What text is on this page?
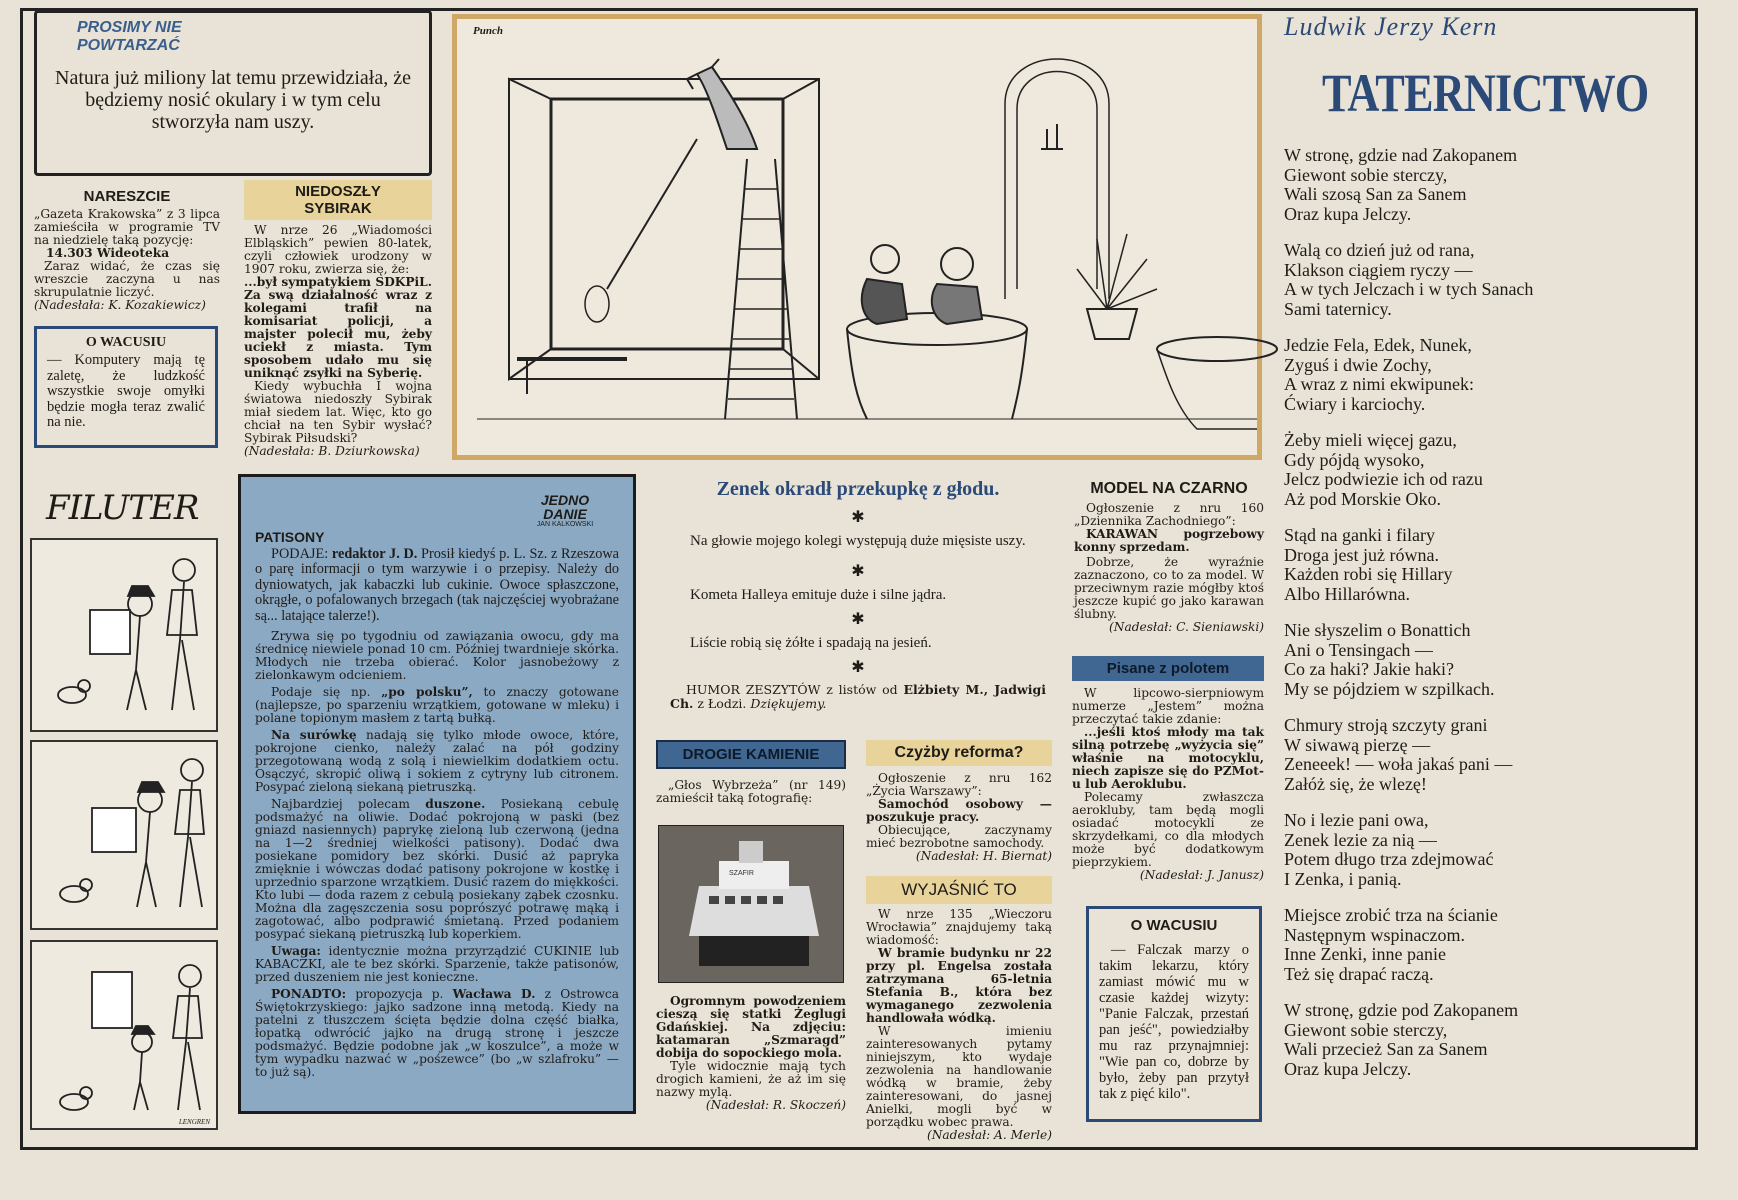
PROSIMY NIE
POWTARZAĆ

Natura już miliony lat temu przewidziała, że będziemy nosić okulary i w tym celu stworzyła nam uszy.

NARESZCIE

„Gazeta Krakowska” z 3 lipca zamieściła w programie TV na niedzielę taką pozycję:

14.303 Wideoteka

Zaraz widać, że czas się wreszcie zaczyna u nas skrupulatnie liczyć.

(Nadesłała: K. Kozakiewicz)

O WACUSIU

— Komputery mają tę zaletę, że ludzkość wszystkie swoje omyłki będzie mogła teraz zwalić na nie.

NIEDOSZŁY
SYBIRAK

W nrze 26 „Wiadomości Elbląskich” pewien 80-latek, czyli człowiek urodzony w 1907 roku, zwierza się, że:

...był sympatykiem SDKPiL. Za swą działalność wraz z kolegami trafił na komisariat policji, a majster polecił mu, żeby uciekł z miasta. Tym sposobem udało mu się uniknąć zsyłki na Syberię.

Kiedy wybuchła I wojna światowa niedoszły Sybirak miał siedem lat. Więc, kto go chciał na ten Sybir wysłać? Sybirak Piłsudski?

(Nadesłała: B. Dziurkowska)

Punch
FILUTER
LENGREN
JEDNO
DANIE
JAN KALKOWSKI
PATISONY

PODAJE: redaktor J. D. Prosił kiedyś p. L. Sz. z Rzeszowa o parę informacji o tym warzywie i o przepisy. Należy do dyniowatych, jak kabaczki lub cukinie. Owoce spłaszczone, okrągłe, o pofalowanych brzegach (tak najczęściej wyobrażane są... latające talerze!).

Zrywa się po tygodniu od zawiązania owocu, gdy ma średnicę niewiele ponad 10 cm. Później twardnieje skórka. Młodych nie trzeba obierać. Kolor jasnobeżowy z zielonkawym odcieniem.

Podaje się np. „po polsku”, to znaczy gotowane (najlepsze, po sparzeniu wrzątkiem, gotowane w mleku) i polane topionym masłem z tartą bułką.

Na surówkę nadają się tylko młode owoce, które, pokrojone cienko, należy zalać na pół godziny przegotowaną wodą z solą i niewielkim dodatkiem octu. Osączyć, skropić oliwą i sokiem z cytryny lub citronem. Posypać zieloną siekaną pietruszką.

Najbardziej polecam duszone. Posiekaną cebulę podsmażyć na oliwie. Dodać pokrojoną w paski (bez gniazd nasiennych) paprykę zieloną lub czerwoną (jedna na 1—2 średniej wielkości patisony). Dodać dwa posiekane pomidory bez skórki. Dusić aż papryka zmięknie i wówczas dodać patisony pokrojone w kostkę i uprzednio sparzone wrzątkiem. Dusić razem do miękkości. Kto lubi — doda razem z cebulą posiekany ząbek czosnku. Można dla zagęszczenia sosu poprószyć potrawę mąką i zagotować, albo podprawić śmietaną. Przed podaniem posypać siekaną pietruszką lub koperkiem.

Uwaga: identycznie można przyrządzić CUKINIE lub KABACZKI, ale te bez skórki. Sparzenie, także patisonów, przed duszeniem nie jest konieczne.

PONADTO: propozycja p. Wacława D. z Ostrowca Świętokrzyskiego: jajko sadzone inną metodą. Kiedy na patelni z tłuszczem ścięta będzie dolna część białka, łopatką odwrócić jajko na drugą stronę i jeszcze podsmażyć. Będzie podobne jak „w koszulce”, a może w tym wypadku nazwać w „pośzewce” (bo „w szlafroku” — to już są).

Zenek okradł przekupkę z głodu.
✱

Na głowie mojego kolegi występują duże mięsiste uszy.

✱

Kometa Halleya emituje duże i silne jądra.

✱

Liście robią się żółte i spadają na jesień.

✱

HUMOR ZESZYTÓW z listów od Elżbiety M., Jadwigi Ch. z Łodzi. Dziękujemy.

DROGIE KAMIENIE

„Głos Wybrzeża” (nr 149) zamieścił taką fotografię:

SZAFIR

Ogromnym powodzeniem cieszą się statki Żeglugi Gdańskiej. Na zdjęciu: katamaran „Szmaragd” dobija do sopockiego mola.

Tyle widocznie mają tych drogich kamieni, że aż im się nazwy mylą.

(Nadesłał: R. Skoczeń)

Czyżby reforma?

Ogłoszenie z nru 162 „Życia Warszawy”:

Samochód osobowy — poszukuje pracy.

Obiecujące, zaczynamy mieć bezrobotne samochody.

(Nadesłał: H. Biernat)

WYJAŚNIĆ TO

W nrze 135 „Wieczoru Wrocławia” znajdujemy taką wiadomość:

W bramie budynku nr 22 przy pl. Engelsa została zatrzymana 65-letnia Stefania B., która bez wymaganego zezwolenia handlowała wódką.

W imieniu zainteresowanych pytamy niniejszym, kto wydaje zezwolenia na handlowanie wódką w bramie, żeby zainteresowani, do jasnej Anielki, mogli być w porządku wobec prawa.

(Nadesłał: A. Merle)

MODEL NA CZARNO

Ogłoszenie z nru 160 „Dziennika Zachodniego”:

KARAWAN pogrzebowy konny sprzedam.

Dobrze, że wyraźnie zaznaczono, co to za model. W przeciwnym razie mógłby ktoś jeszcze kupić go jako karawan ślubny.

(Nadesłał: C. Sieniawski)

Pisane z polotem

W lipcowo-sierpniowym numerze „Jestem” można przeczytać takie zdanie:

...jeśli ktoś młody ma tak silną potrzebę „wyżycia się” właśnie na motocyklu, niech zapisze się do PZMot-u lub Aeroklubu.

Polecamy zwłaszcza aerokluby, tam będą mogli osiadać motocykli ze skrzydełkami, co dla młodych może być dodatkowym pieprzykiem.

(Nadesłał: J. Janusz)

O WACUSIU

— Falczak marzy o takim lekarzu, który zamiast mówić mu w czasie każdej wizyty: "Panie Falczak, przestań pan jeść", powiedziałby mu raz przynajmniej: "Wie pan co, dobrze by było, żeby pan przytył tak z pięć kilo".

Ludwik Jerzy Kern
TATERNICTWO

W stronę, gdzie nad Zakopanem

Giewont sobie sterczy,

Wali szosą San za Sanem

Oraz kupa Jelczy.

Walą co dzień już od rana,

Klakson ciągiem ryczy —

A w tych Jelczach i w tych Sanach

Sami taternicy.

Jedzie Fela, Edek, Nunek,

Zyguś i dwie Zochy,

A wraz z nimi ekwipunek:

Ćwiary i karciochy.

Żeby mieli więcej gazu,

Gdy pójdą wysoko,

Jelcz podwiezie ich od razu

Aż pod Morskie Oko.

Stąd na ganki i filary

Droga jest już równa.

Każden robi się Hillary

Albo Hillarówna.

Nie słyszelim o Bonattich

Ani o Tensingach —

Co za haki? Jakie haki?

My se pójdziem w szpilkach.

Chmury stroją szczyty grani

W siwawą pierzę —

Zeneeek! — woła jakaś pani —

Załóż się, że wlezę!

No i lezie pani owa,

Zenek lezie za nią —

Potem długo trza zdejmować

I Zenka, i panią.

Miejsce zrobić trza na ścianie

Następnym wspinaczom.

Inne Zenki, inne panie

Też się drapać raczą.

W stronę, gdzie pod Zakopanem

Giewont sobie sterczy,

Wali przecież San za Sanem

Oraz kupa Jelczy.
